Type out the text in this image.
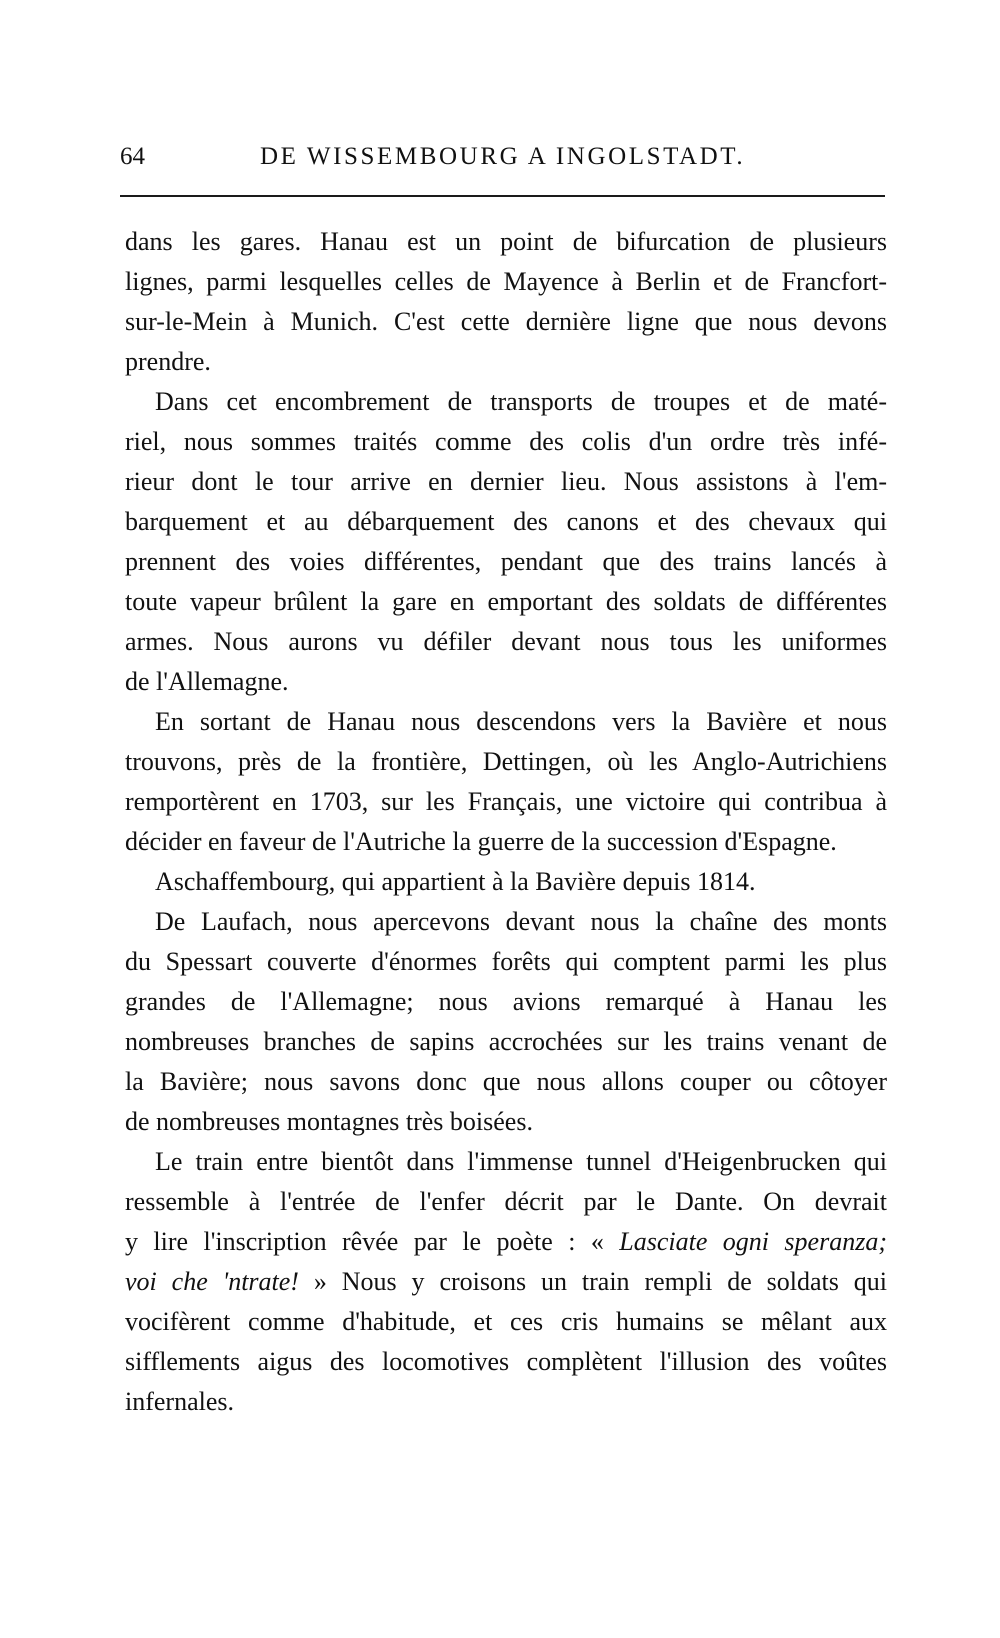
64	DE WISSEMBOURG A INGOLSTADT.
dans les gares. Hanau est un point de bifurcation de plusieurs
lignes, parmi lesquelles celles de Mayence à Berlin et de Francfort-
sur-le-Mein à Munich. C'est cette dernière ligne que nous devons
prendre.
Dans cet encombrement de transports de troupes et de maté-
riel, nous sommes traités comme des colis d'un ordre très infé-
rieur dont le tour arrive en dernier lieu. Nous assistons à l'em-
barquement et au débarquement des canons et des chevaux qui
prennent des voies différentes, pendant que des trains lancés à
toute vapeur brûlent la gare en emportant des soldats de différentes
armes. Nous aurons vu défiler devant nous tous les uniformes
de l'Allemagne.
En sortant de Hanau nous descendons vers la Bavière et nous
trouvons, près de la frontière, Dettingen, où les Anglo-Autrichiens
remportèrent en 1703, sur les Français, une victoire qui contribua à
décider en faveur de l'Autriche la guerre de la succession d'Espagne.
Aschaffembourg, qui appartient à la Bavière depuis 1814.
De Laufach, nous apercevons devant nous la chaîne des monts
du Spessart couverte d'énormes forêts qui comptent parmi les plus
grandes de l'Allemagne; nous avions remarqué à Hanau les
nombreuses branches de sapins accrochées sur les trains venant de
la Bavière; nous savons donc que nous allons couper ou côtoyer
de nombreuses montagnes très boisées.
Le train entre bientôt dans l'immense tunnel d'Heigenbrucken qui
ressemble à l'entrée de l'enfer décrit par le Dante. On devrait
y lire l'inscription rêvée par le poète : « Lasciate ogni speranza;
voi che 'ntrate! » Nous y croisons un train rempli de soldats qui
vocifèrent comme d'habitude, et ces cris humains se mêlant aux
sifflements aigus des locomotives complètent l'illusion des voûtes
infernales.
